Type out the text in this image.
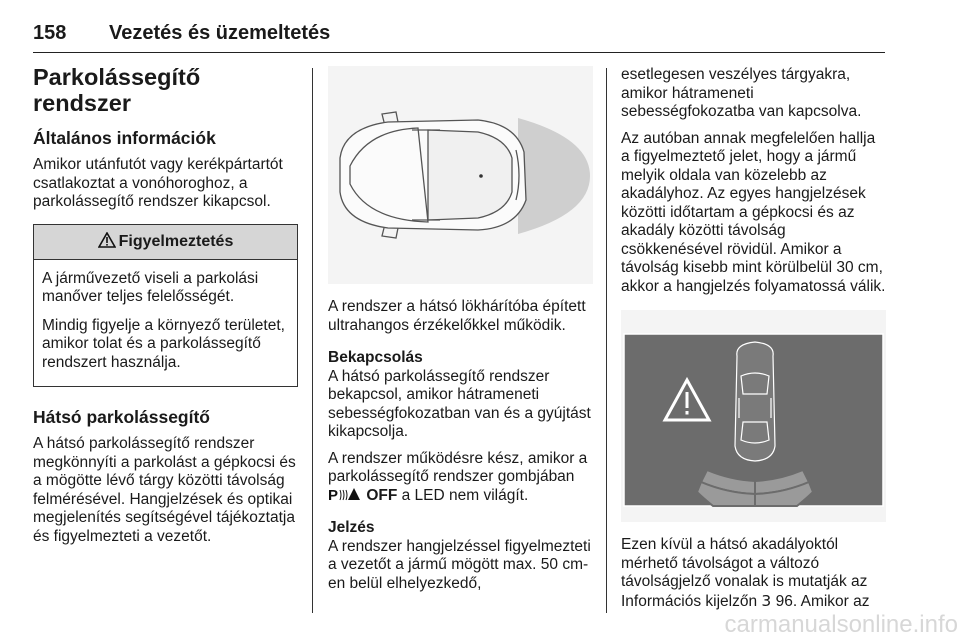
158 Vezetés és üzemeltetés
Parkolássegítő rendszer
Általános információk

Amikor utánfutót vagy kerékpártartót csatlakoztat a vonóhoroghoz, a parkolássegítő rendszer kikapcsol.

Figyelmeztetés

A járművezető viseli a parkolási manőver teljes felelősségét.

Mindig figyelje a környező területet, amikor tolat és a parkolássegítő rendszert használja.

Hátsó parkolássegítő

A hátsó parkolássegítő rendszer megkönnyíti a parkolást a gépkocsi és a mögötte lévő tárgy közötti távolság felmérésével. Hangjelzések és optikai megjelenítés segítségével tájékoztatja és figyelmezteti a vezetőt.

A rendszer a hátsó lökhárítóba épített ultrahangos érzékelőkkel működik.

Bekapcsolás
A hátsó parkolássegítő rendszer bekapcsol, amikor hátrameneti sebességfokozatban van és a gyújtást kikapcsolja.

A rendszer működésre kész, amikor a parkolássegítő rendszer gombjában
P OFF a LED nem világít.

Jelzés
A rendszer hangjelzéssel figyelmezteti a vezetőt a jármű mögött max. 50 cm-en belül elhelyezkedő,

esetlegesen veszélyes tárgyakra, amikor hátrameneti sebességfokozatba van kapcsolva.

Az autóban annak megfelelően hallja a figyelmeztető jelet, hogy a jármű melyik oldala van közelebb az akadályhoz. Az egyes hangjelzések közötti időtartam a gépkocsi és az akadály közötti távolság csökkenésével rövidül. Amikor a távolság kisebb mint körülbelül 30 cm, akkor a hangjelzés folyamatossá válik.

Ezen kívül a hátsó akadályoktól mérhető távolságot a változó távolságjelző vonalak is mutatják az Információs kijelzőn 3 96. Amikor az

carmanualsonline.info
